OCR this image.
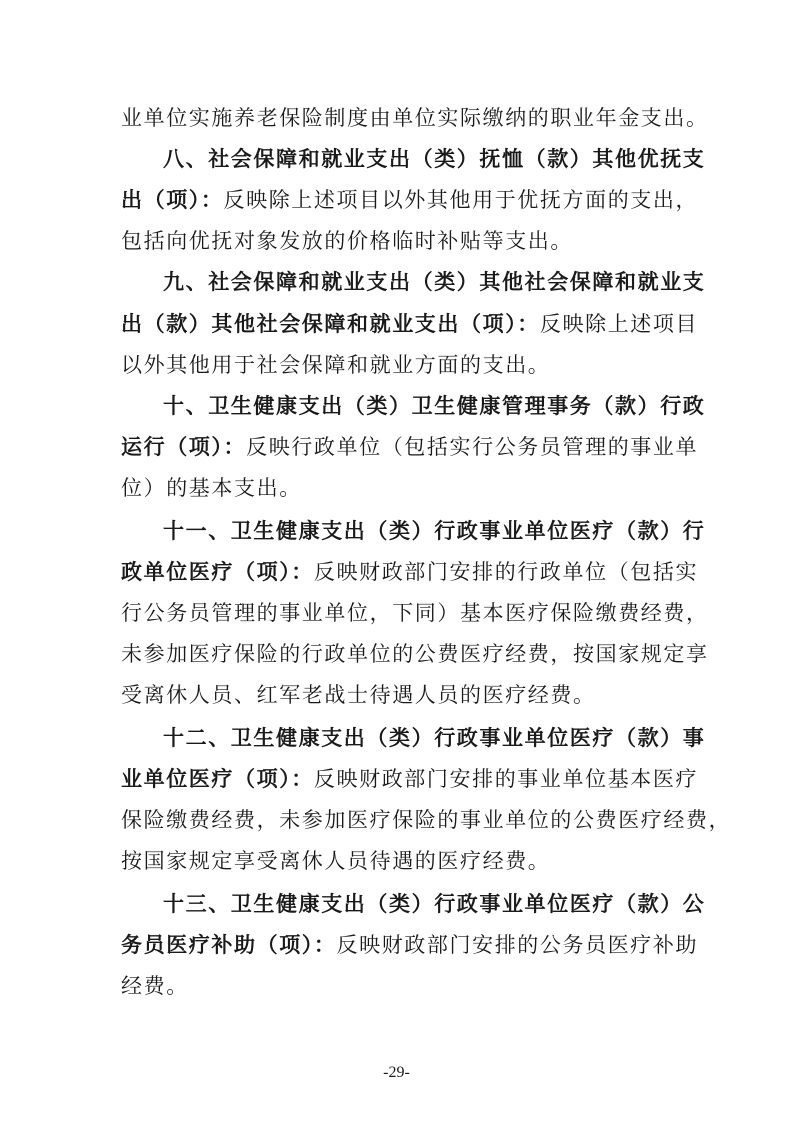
业单位实施养老保险制度由单位实际缴纳的职业年金支出。
八、社会保障和就业支出（类）抚恤（款）其他优抚支
出（项）：反映除上述项目以外其他用于优抚方面的支出，
包括向优抚对象发放的价格临时补贴等支出。
九、社会保障和就业支出（类）其他社会保障和就业支
出（款）其他社会保障和就业支出（项）：反映除上述项目
以外其他用于社会保障和就业方面的支出。
十、卫生健康支出（类）卫生健康管理事务（款）行政
运行（项）：反映行政单位（包括实行公务员管理的事业单
位）的基本支出。
十一、卫生健康支出（类）行政事业单位医疗（款）行
政单位医疗（项）：反映财政部门安排的行政单位（包括实
行公务员管理的事业单位，下同）基本医疗保险缴费经费，
未参加医疗保险的行政单位的公费医疗经费，按国家规定享
受离休人员、红军老战士待遇人员的医疗经费。
十二、卫生健康支出（类）行政事业单位医疗（款）事
业单位医疗（项）：反映财政部门安排的事业单位基本医疗
保险缴费经费，未参加医疗保险的事业单位的公费医疗经费，
按国家规定享受离休人员待遇的医疗经费。
十三、卫生健康支出（类）行政事业单位医疗（款）公
务员医疗补助（项）：反映财政部门安排的公务员医疗补助
经费。
-29-
